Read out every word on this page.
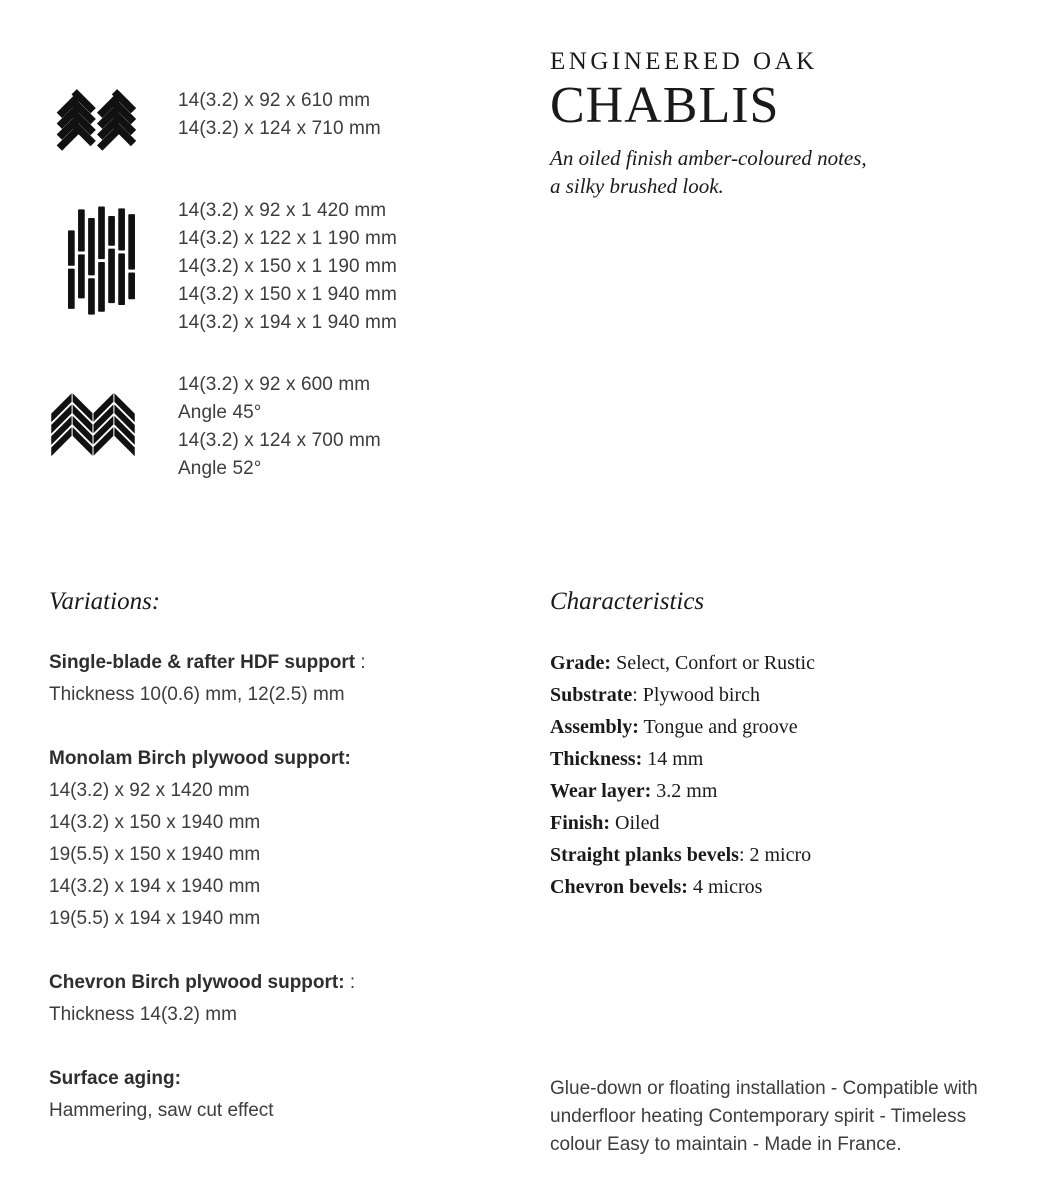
14(3.2) x 92 x 610 mm
14(3.2) x 124 x 710 mm
14(3.2) x 92 x 1 420 mm
14(3.2) x 122 x 1 190 mm
14(3.2) x 150 x 1 190 mm
14(3.2) x 150 x 1 940 mm
14(3.2) x 194 x 1 940 mm
14(3.2) x 92 x 600 mm
Angle 45°
14(3.2) x 124 x 700 mm
Angle 52°
ENGINEERED OAK
CHABLIS
An oiled finish amber-coloured notes,
a silky brushed look.
Variations:
Single-blade & rafter HDF support :
Thickness 10(0.6) mm, 12(2.5) mm
Monolam Birch plywood support:
14(3.2) x 92 x 1420 mm
14(3.2) x 150 x 1940 mm
19(5.5) x 150 x 1940 mm
14(3.2) x 194 x 1940 mm
19(5.5) x 194 x 1940 mm
Chevron Birch plywood support: :
Thickness 14(3.2) mm
Surface aging:
Hammering, saw cut effect
Characteristics
Grade: Select, Confort or Rustic
Substrate: Plywood birch
Assembly: Tongue and groove
Thickness: 14 mm
Wear layer: 3.2 mm
Finish: Oiled
Straight planks bevels: 2 micro
Chevron bevels: 4 micros
Glue-down or floating installation - Compatible with
underfloor heating Contemporary spirit - Timeless
colour Easy to maintain - Made in France.
